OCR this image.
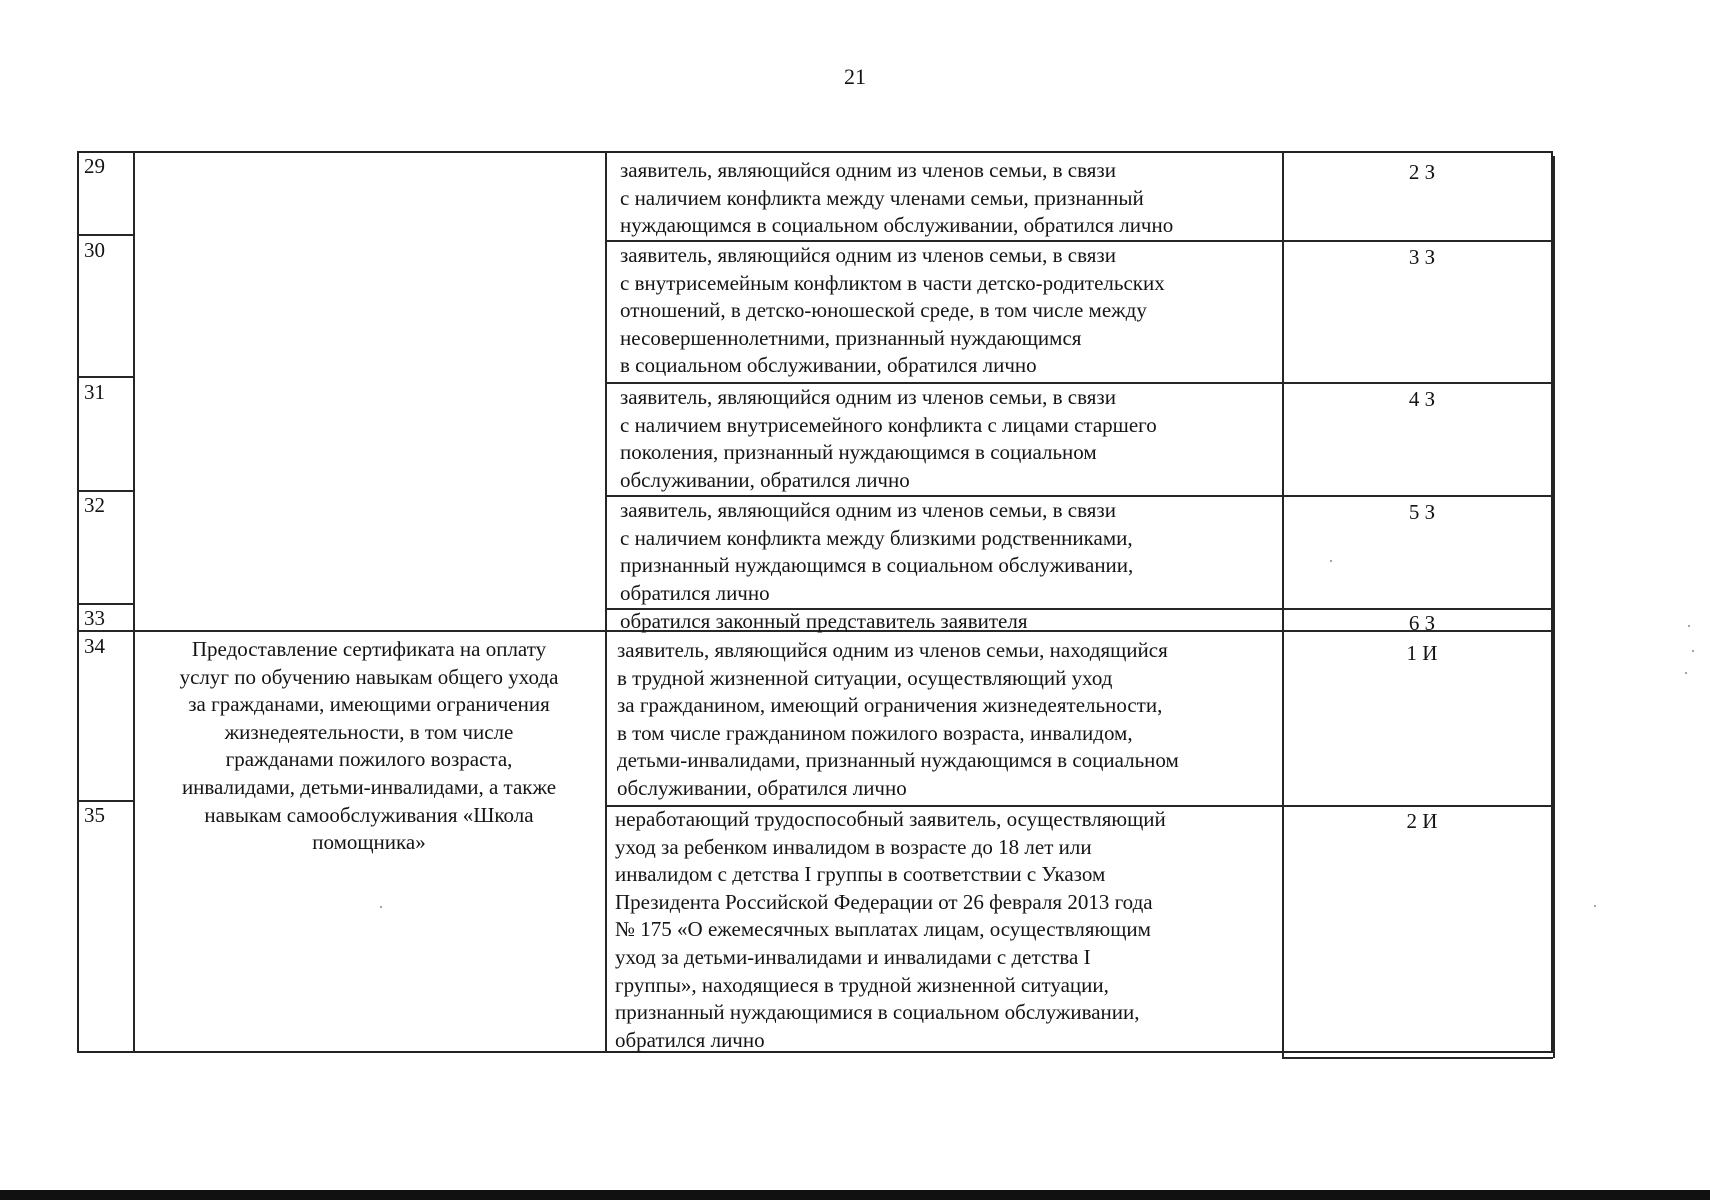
21
29
30
31
32
33
34
35
Предоставление сертификата на оплату
услуг по обучению навыкам общего ухода
за гражданами, имеющими ограничения
жизнедеятельности, в том числе
гражданами пожилого возраста,
инвалидами, детьми-инвалидами, а также
навыкам самообслуживания «Школа
помощника»
заявитель, являющийся одним из членов семьи, в связи
с наличием конфликта между членами семьи, признанный
нуждающимся в социальном обслуживании, обратился лично
заявитель, являющийся одним из членов семьи, в связи
с внутрисемейным конфликтом в части детско-родительских
отношений, в детско-юношеской среде, в том числе между
несовершеннолетними, признанный нуждающимся
в социальном обслуживании, обратился лично
заявитель, являющийся одним из членов семьи, в связи
с наличием внутрисемейного конфликта с лицами старшего
поколения, признанный нуждающимся в социальном
обслуживании, обратился лично
заявитель, являющийся одним из членов семьи, в связи
с наличием конфликта между близкими родственниками,
признанный нуждающимся в социальном обслуживании,
обратился лично
обратился законный представитель заявителя
заявитель, являющийся одним из членов семьи, находящийся
в трудной жизненной ситуации, осуществляющий уход
за гражданином, имеющий ограничения жизнедеятельности,
в том числе гражданином пожилого возраста, инвалидом,
детьми-инвалидами, признанный нуждающимся в социальном
обслуживании, обратился лично
неработающий трудоспособный заявитель, осуществляющий
уход за ребенком инвалидом в возрасте до 18 лет или
инвалидом с детства I группы в соответствии с Указом
Президента Российской Федерации от 26 февраля 2013 года
№ 175 «О ежемесячных выплатах лицам, осуществляющим
уход за детьми-инвалидами и инвалидами с детства I
группы», находящиеся в трудной жизненной ситуации,
признанный нуждающимися в социальном обслуживании,
обратился лично
2 З
3 З
4 З
5 З
6 З
1 И
2 И
